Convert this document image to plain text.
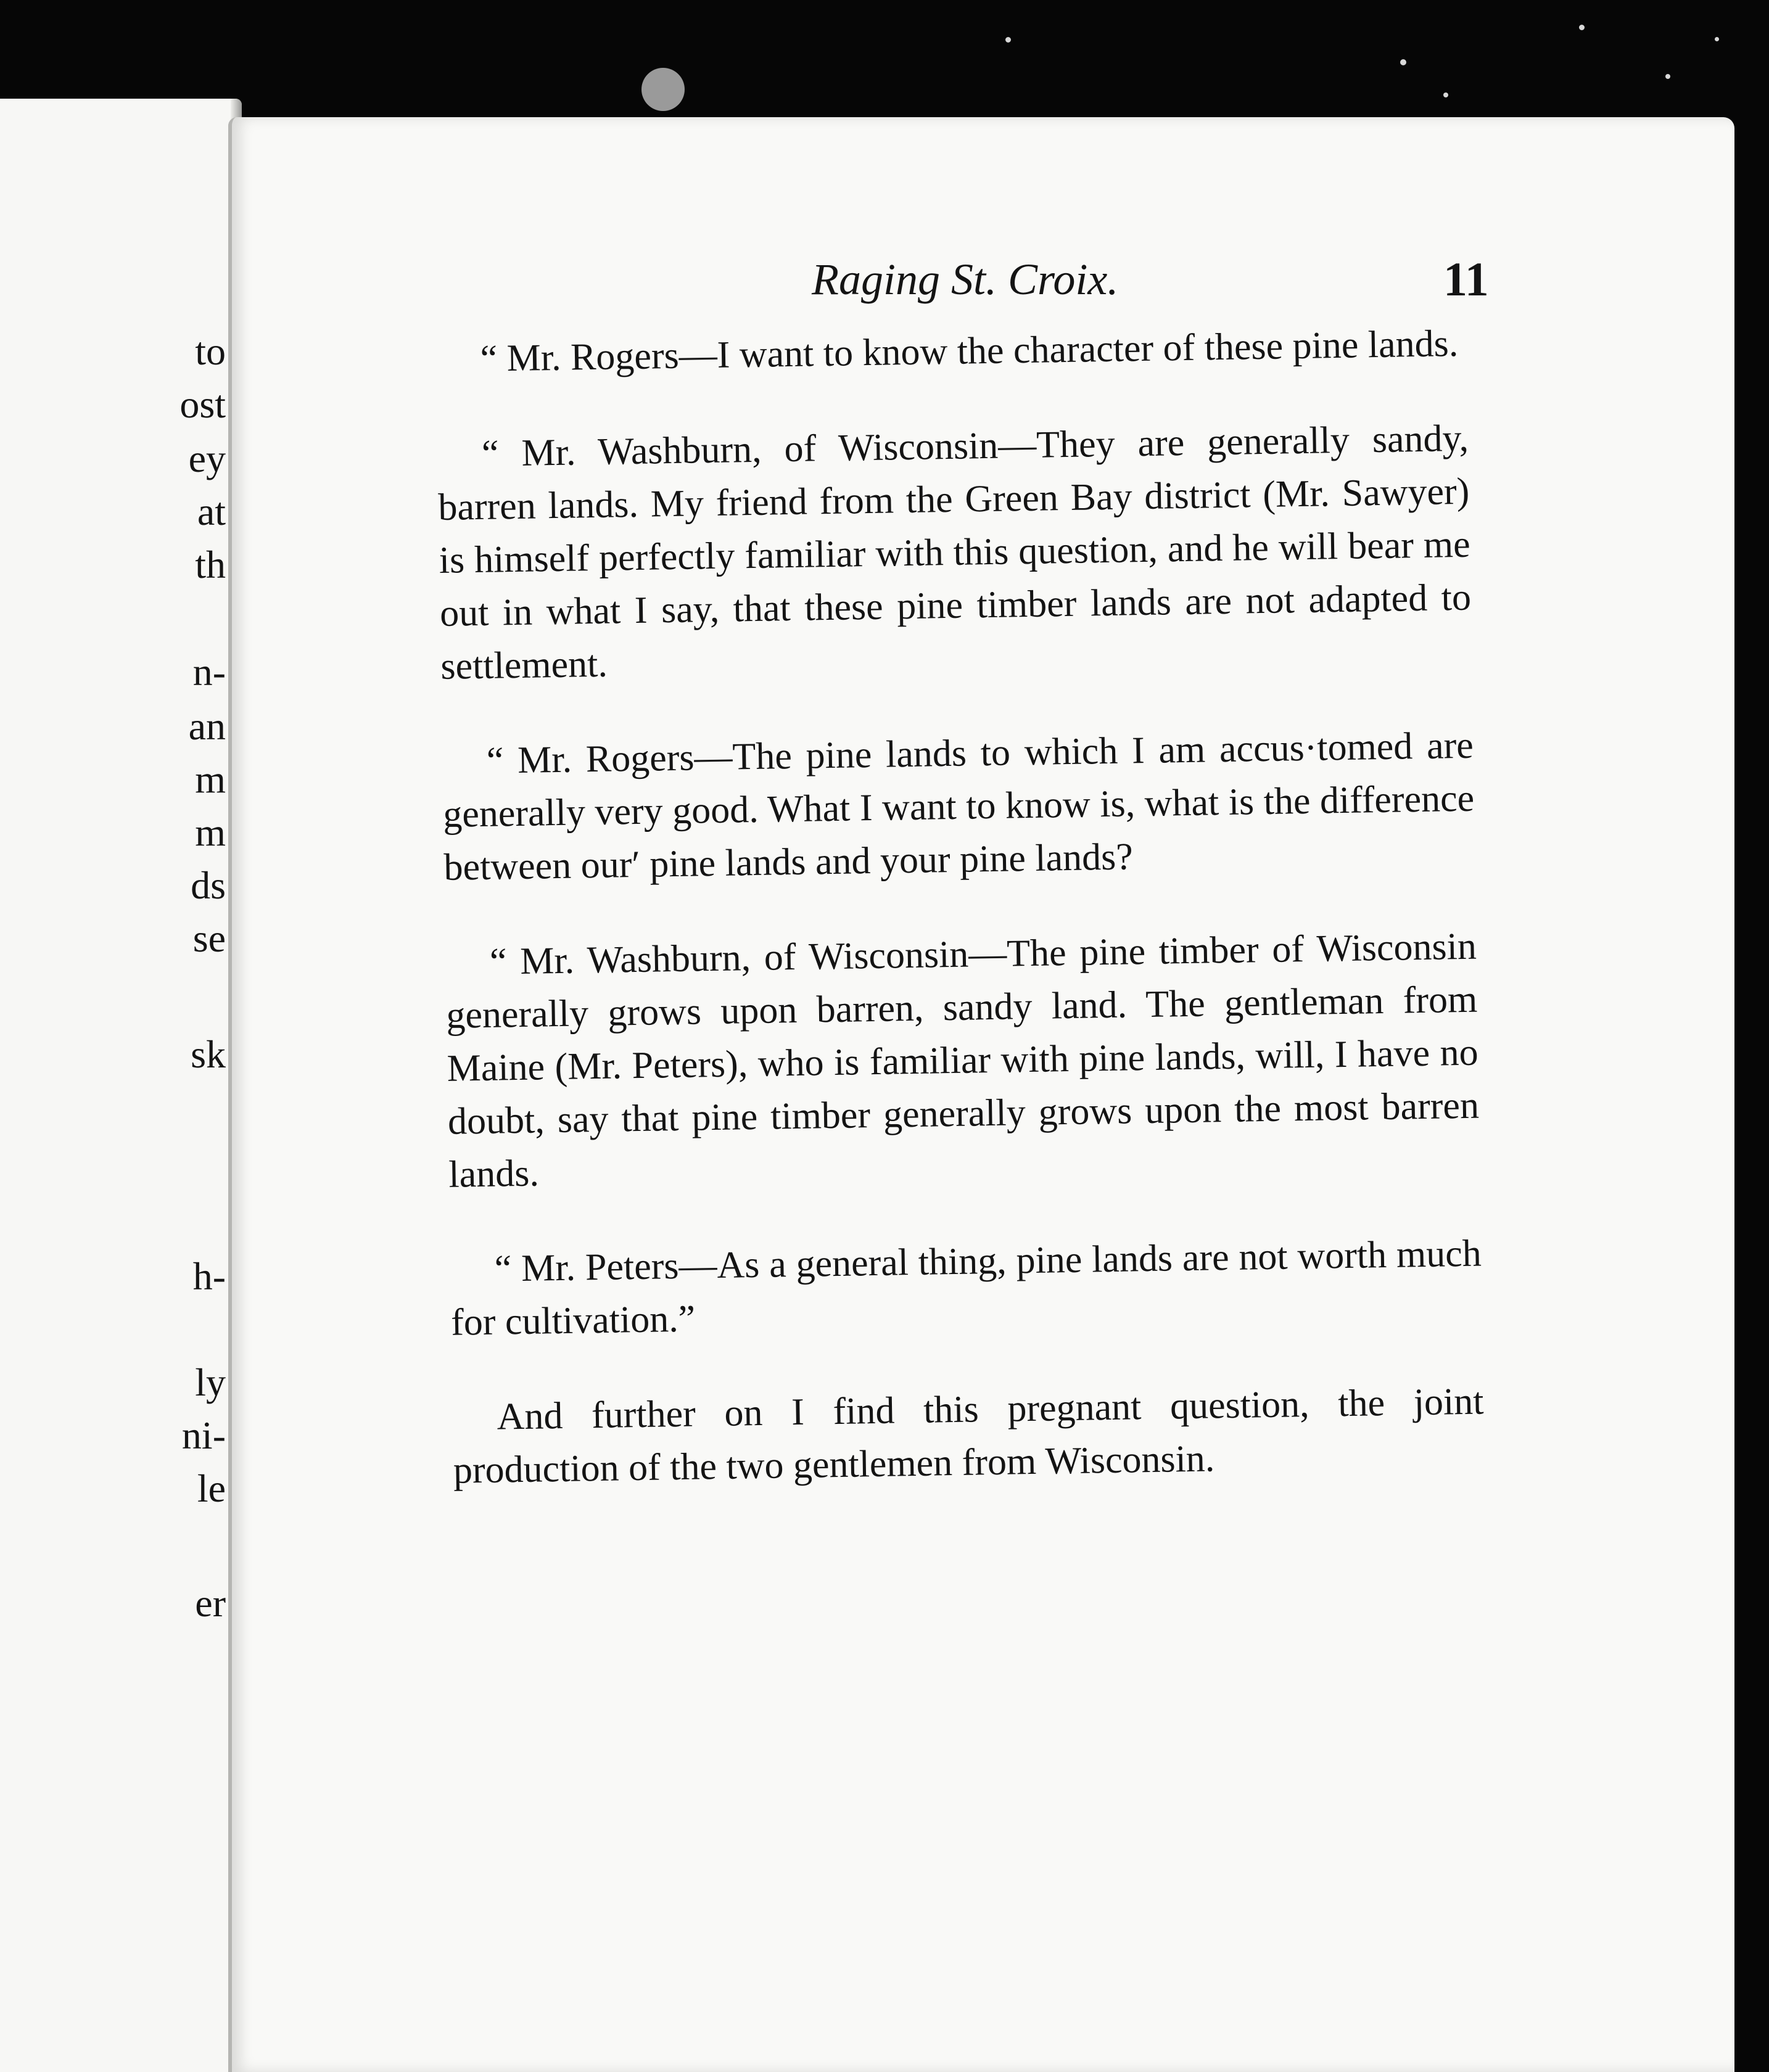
to
ost
ey
at
th
n-
an
m
m
ds
se
sk
h-
ly
ni-
le
er
Raging St. Croix.	11

“ Mr. Rogers—I want to know the character of these pine lands.

“ Mr. Washburn, of Wisconsin—They are generally sandy, barren lands. My friend from the Green Bay district (Mr. Sawyer) is himself perfectly familiar with this question, and he will bear me out in what I say, that these pine timber lands are not adapted to settlement.

“ Mr. Rogers—The pine lands to which I am accus·tomed are generally very good. What I want to know is, what is the difference between our′ pine lands and your pine lands?

“ Mr. Washburn, of Wisconsin—The pine timber of Wisconsin generally grows upon barren, sandy land. The gentleman from Maine (Mr. Peters), who is familiar with pine lands, will, I have no doubt, say that pine timber generally grows upon the most barren lands.

“ Mr. Peters—As a general thing, pine lands are not worth much for cultivation.”

And further on I find this pregnant question, the joint production of the two gentlemen from Wisconsin.
